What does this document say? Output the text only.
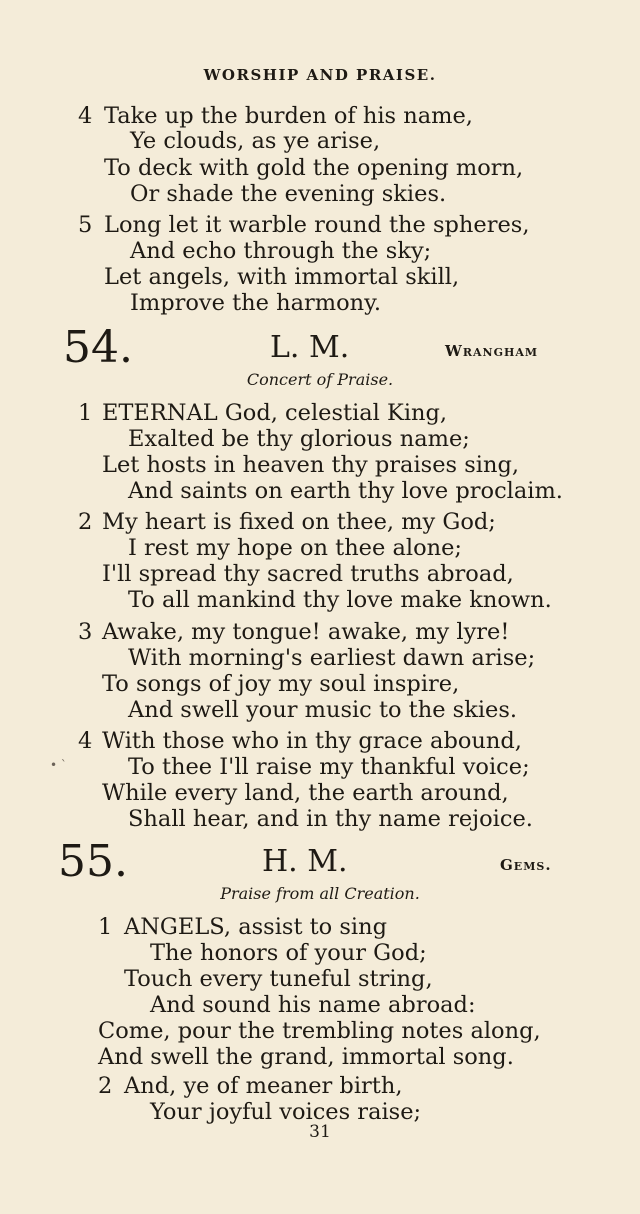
WORSHIP AND PRAISE.
4 Take up the burden of his name,
Ye clouds, as ye arise,
To deck with gold the opening morn,
Or shade the evening skies.
5 Long let it warble round the spheres,
And echo through the sky;
Let angels, with immortal skill,
Improve the harmony.
54.	L. M.	Wrangham
Concert of Praise.
1 ETERNAL God, celestial King,
Exalted be thy glorious name;
Let hosts in heaven thy praises sing,
And saints on earth thy love proclaim.
2 My heart is fixed on thee, my God;
I rest my hope on thee alone;
I'll spread thy sacred truths abroad,
To all mankind thy love make known.
3 Awake, my tongue! awake, my lyre!
With morning's earliest dawn arise;
To songs of joy my soul inspire,
And swell your music to the skies.
4 With those who in thy grace abound,
• ˋ	To thee I'll raise my thankful voice;
While every land, the earth around,
Shall hear, and in thy name rejoice.
55.	H. M.	Gems.
Praise from all Creation.
1 ANGELS, assist to sing
The honors of your God;
Touch every tuneful string,
And sound his name abroad:
Come, pour the trembling notes along,
And swell the grand, immortal song.
2 And, ye of meaner birth,
Your joyful voices raise;
31
